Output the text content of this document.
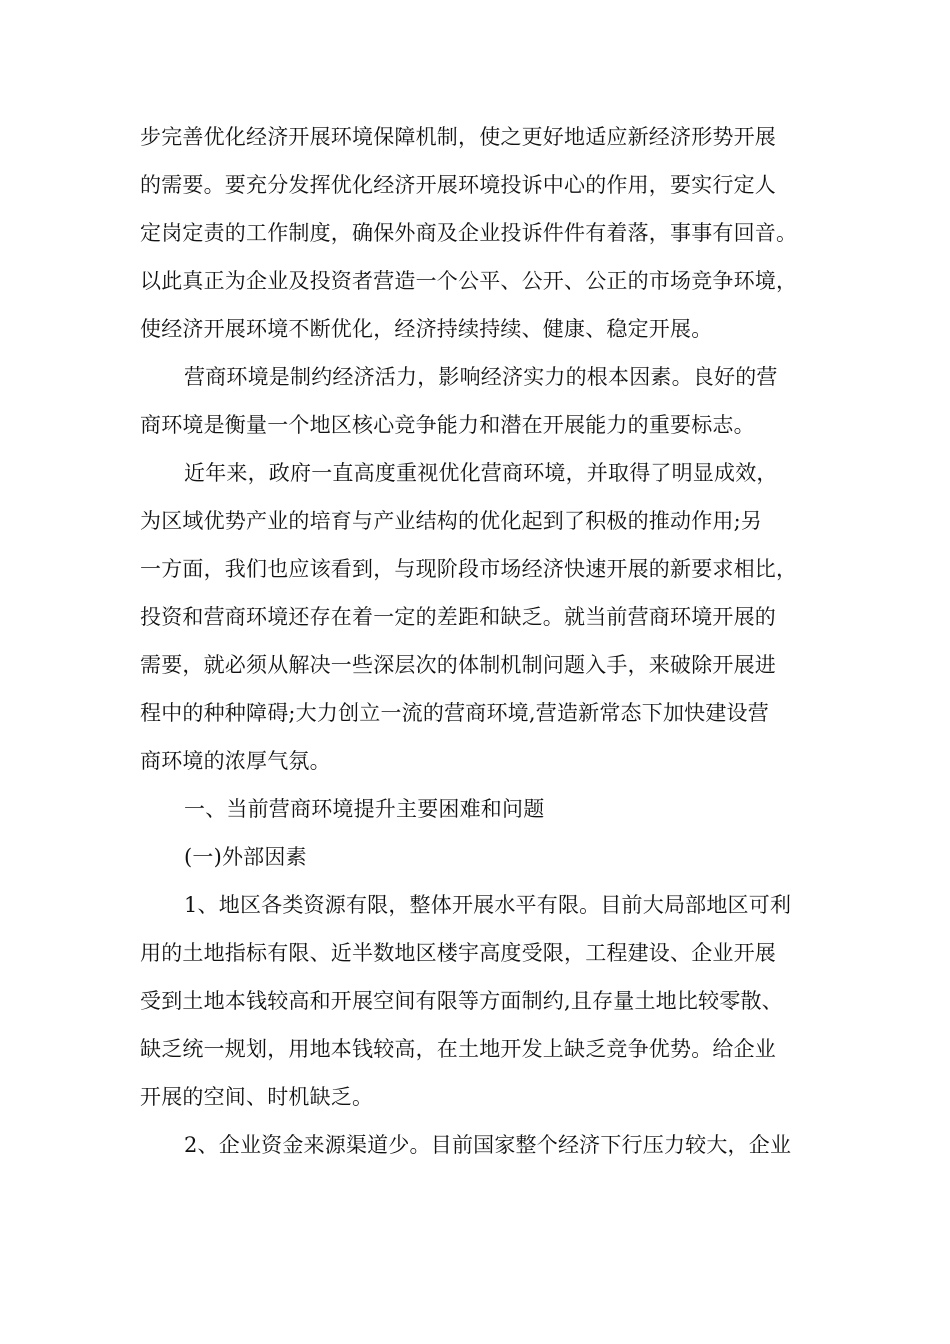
步完善优化经济开展环境保障机制，使之更好地适应新经济形势开展
的需要。要充分发挥优化经济开展环境投诉中心的作用，要实行定人
定岗定责的工作制度，确保外商及企业投诉件件有着落，事事有回音。
以此真正为企业及投资者营造一个公平、公开、公正的市场竞争环境，
使经济开展环境不断优化，经济持续持续、健康、稳定开展。

营商环境是制约经济活力，影响经济实力的根本因素。良好的营
商环境是衡量一个地区核心竞争能力和潜在开展能力的重要标志。

近年来，政府一直高度重视优化营商环境，并取得了明显成效，
为区域优势产业的培育与产业结构的优化起到了积极的推动作用;另
一方面，我们也应该看到，与现阶段市场经济快速开展的新要求相比，
投资和营商环境还存在着一定的差距和缺乏。就当前营商环境开展的
需要，就必须从解决一些深层次的体制机制问题入手，来破除开展进
程中的种种障碍;大力创立一流的营商环境,营造新常态下加快建设营
商环境的浓厚气氛。

一、当前营商环境提升主要困难和问题

(一)外部因素

1、地区各类资源有限，整体开展水平有限。目前大局部地区可利
用的土地指标有限、近半数地区楼宇高度受限，工程建设、企业开展
受到土地本钱较高和开展空间有限等方面制约,且存量土地比较零散、
缺乏统一规划，用地本钱较高，在土地开发上缺乏竞争优势。给企业
开展的空间、时机缺乏。

2、企业资金来源渠道少。目前国家整个经济下行压力较大，企业
